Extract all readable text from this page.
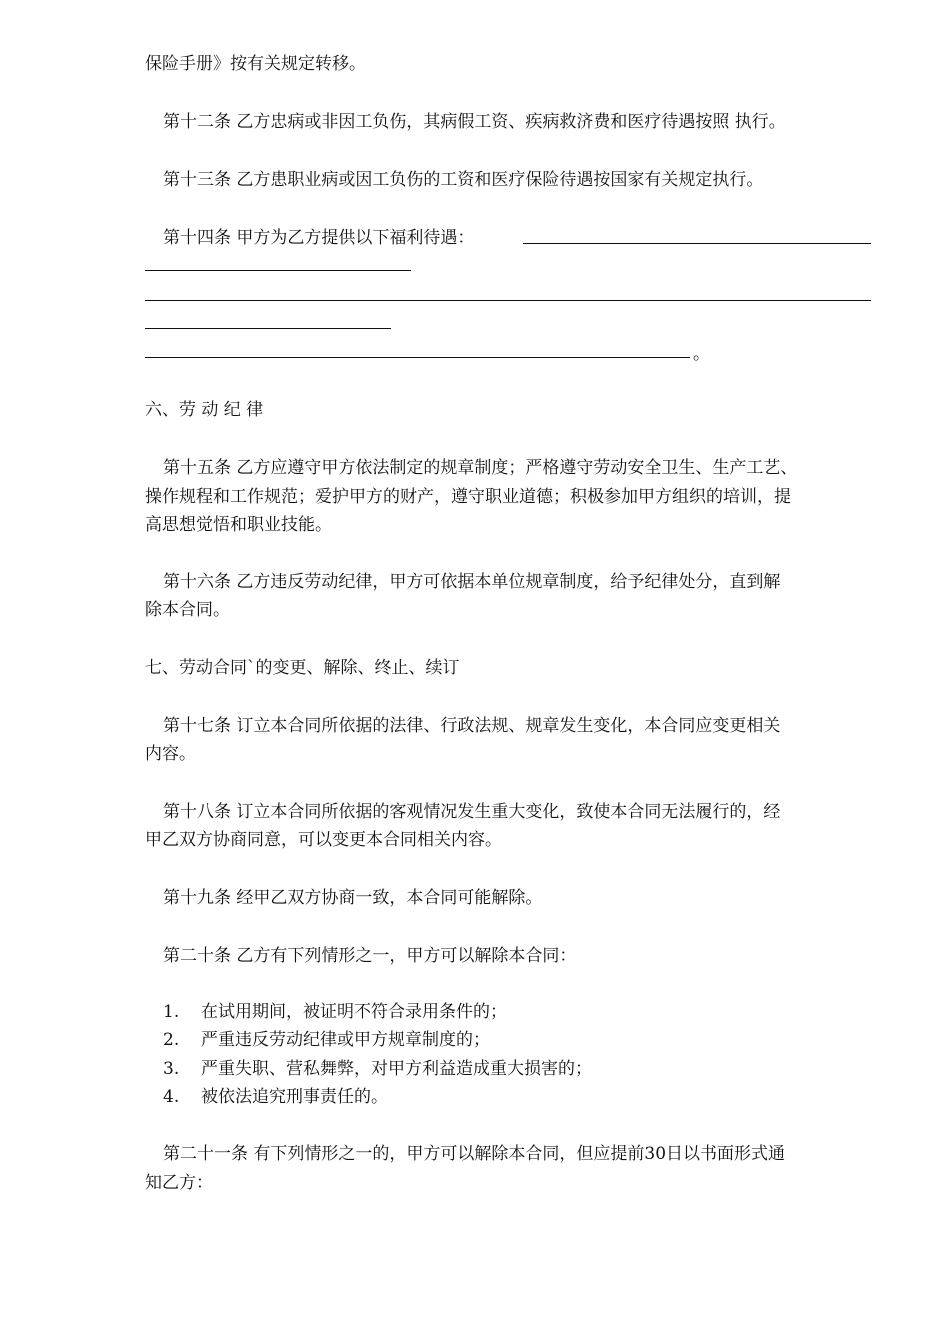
保险手册》按有关规定转移。
第十二条 乙方忠病或非因工负伤，其病假工资、疾病救济费和医疗待遇按照 执行。
第十三条 乙方患职业病或因工负伤的工资和医疗保险待遇按国家有关规定执行。
第十四条 甲方为乙方提供以下福利待遇：
。
六、劳 动 纪 律
第十五条 乙方应遵守甲方依法制定的规章制度；严格遵守劳动安全卫生、生产工艺、
操作规程和工作规范；爱护甲方的财产，遵守职业道德；积极参加甲方组织的培训，提
高思想觉悟和职业技能。
第十六条 乙方违反劳动纪律，甲方可依据本单位规章制度，给予纪律处分，直到解
除本合同。
七、劳动合同`的变更、解除、终止、续订
第十七条 订立本合同所依据的法律、行政法规、规章发生变化，本合同应变更相关
内容。
第十八条 订立本合同所依据的客观情况发生重大变化，致使本合同无法履行的，经
甲乙双方协商同意，可以变更本合同相关内容。
第十九条 经甲乙双方协商一致，本合同可能解除。
第二十条 乙方有下列情形之一，甲方可以解除本合同：
1. 在试用期间，被证明不符合录用条件的；
2. 严重违反劳动纪律或甲方规章制度的；
3. 严重失职、营私舞弊，对甲方利益造成重大损害的；
4. 被依法追究刑事责任的。
第二十一条 有下列情形之一的，甲方可以解除本合同，但应提前30日以书面形式通
知乙方：
